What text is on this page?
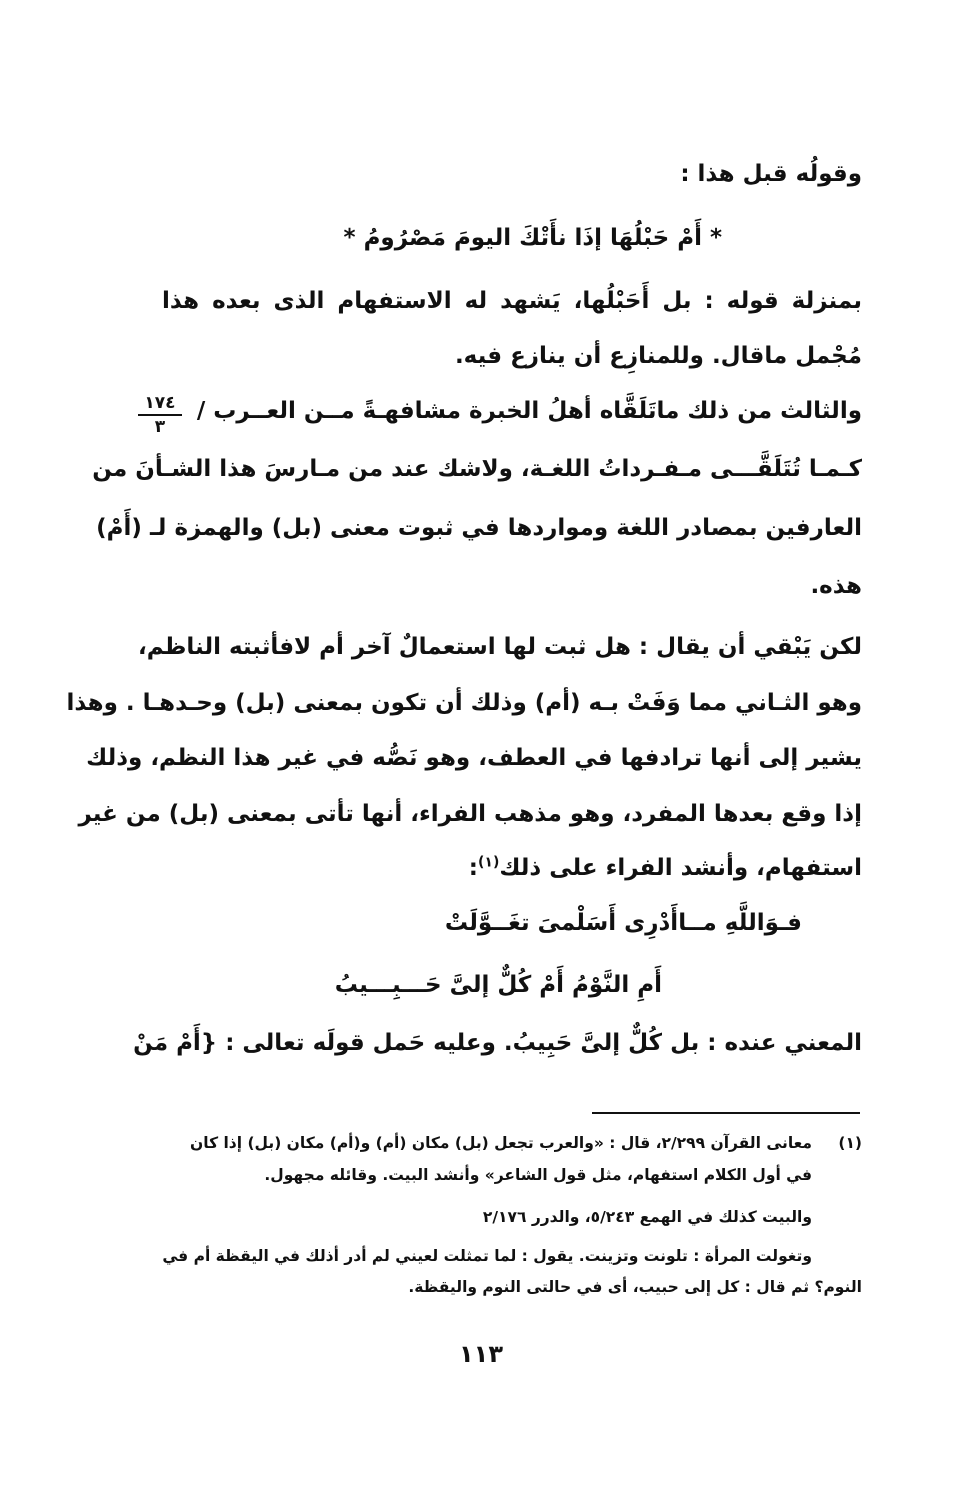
وقولُه قبل هذا :
* أَمْ حَبْلُهَا إذَا نأَتْكَ اليومَ مَصْرُومُ *
بمنزلة قوله : بل أَحَبْلُها، يَشهد له الاستفهام الذى بعده هذا
مُجْمل ماقال. وللمنازِع أن ينازع فيه.
والثالث من ذلك ماتَلَقَّاه أهلُ الخبرة مشافهـةً مــن العــرب /
١٧٤
٣
كـمـا تُتَلَقَّـــى مـفـرداتُ اللغـة، ولاشك عند من مـارسَ هذا الشـأنَ من
العارفين بمصادر اللغة ومواردها في ثبوت معنى (بل) والهمزة لـ (أَمْ)
هذه.
لكن يَبْقي أن يقال : هل ثبت لها استعمالٌ آخر أم لافأثبته الناظم،
وهو الثـاني مما وَفَتْ بـه (أم) وذلك أن تكون بمعنى (بل) وحـدهـا . وهذا
يشير إلى أنها ترادفها في العطف، وهو نَصُّه في غير هذا النظم، وذلك
إذا وقع بعدها المفرد، وهو مذهب الفراء، أنها تأتى بمعنى (بل) من غير
استفهام، وأنشد الفراء على ذلك$^{(١)}$:
فـوَاللَّهِ مــاأَدْرِى أَسَلْمىَ تغَــوَّلَتْ
أَمِ النَّوْمُ أَمْ كُلٌّ إلىَّ حَـــبِـــيبُ
المعني عنده : بل كُلٌّ إلىَّ حَبِيبُ. وعليه حَمل قولَه تعالى : {أَمْ مَنْ
(١)
معانى القرآن ٢/٢٩٩، قال : «والعرب تجعل (بل) مكان (أم) و(أم) مكان (بل) إذا كان
في أول الكلام استفهام، مثل قول الشاعر» وأنشد البيت. وقائله مجهول.
والبيت كذلك في الهمع ٥/٢٤٣، والدرر ٢/١٧٦
وتغولت المرأة : تلونت وتزينت. يقول : لما تمثلت لعيني لم أدر أذلك في اليقظة أم في
النوم؟ ثم قال : كل إلى حبيب، أى في حالتى النوم واليقظة.
١١٣
